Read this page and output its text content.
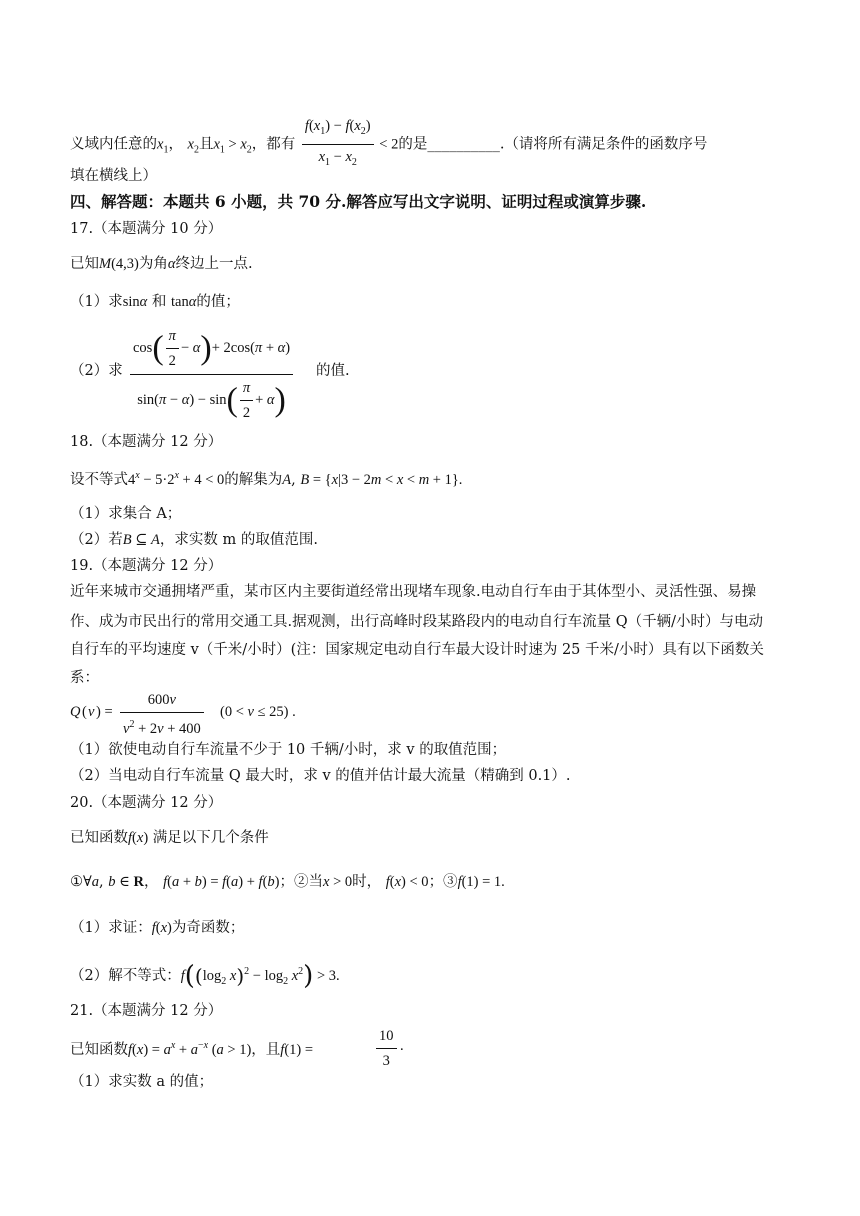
义域内任意的$x_1$， $x_2$且$x_1 > x_2$，都有 $\frac{f(x_1) - f(x_2)}{x_1 - x_2} < 2$的是__________.（请将所有满足条件的函数序号
填在横线上）
四、解答题：本题共 6 小题，共 70 分.解答应写出文字说明、证明过程或演算步骤.
17.（本题满分 10 分）
已知M(4,3)为角α终边上一点.
（1）求sinα 和 tanα的值；
（2）求 $\frac{\cos( \frac{\pi}{2} - \alpha)+ 2\cos(\pi + \alpha)}{\sin(\pi - \alpha) - \sin( \frac{\pi}{2} + \alpha)}$ 的值.
18.（本题满分 12 分）
设不等式$4^x - 5\cdot 2^x + 4 < 0$的解集为A, B = {x|3 − 2m < x < m + 1}.
（1）求集合 A；
（2）若B ⊆ A，求实数 m 的取值范围.
19.（本题满分 12 分）
近年来城市交通拥堵严重，某市区内主要街道经常出现堵车现象.电动自行车由于其体型小、灵活性强、易操
作、成为市民出行的常用交通工具.据观测，出行高峰时段某路段内的电动自行车流量 Q（千辆/小时）与电动
自行车的平均速度 v（千米/小时）(注：国家规定电动自行车最大设计时速为 25 千米/小时）具有以下函数关
系：
Q ( v ) = $\frac{600v}{v^2 + 2v + 400} (0 < v \le 25)$ .
（1）欲使电动自行车流量不少于 10 千辆/小时，求 v 的取值范围；
（2）当电动自行车流量 Q 最大时，求 v 的值并估计最大流量（精确到 0.1）.
20.（本题满分 12 分）
已知函数f(x) 满足以下几个条件
①∀a, b ∈ R， f(a + b) = f(a) + f(b)；②当x > 0时， f(x) < 0；③f(1) = 1.
（1）求证：f(x)为奇函数；
（2）解不等式：$f((\log_2$ $x)^2 - \log_2 x^2) > 3$.
21.（本题满分 12 分）
已知函数$f(x) = a^x + a^{-x}$ (a > 1)，且f(1) =	$\frac{10}{3}$ .
（1）求实数 a 的值；
